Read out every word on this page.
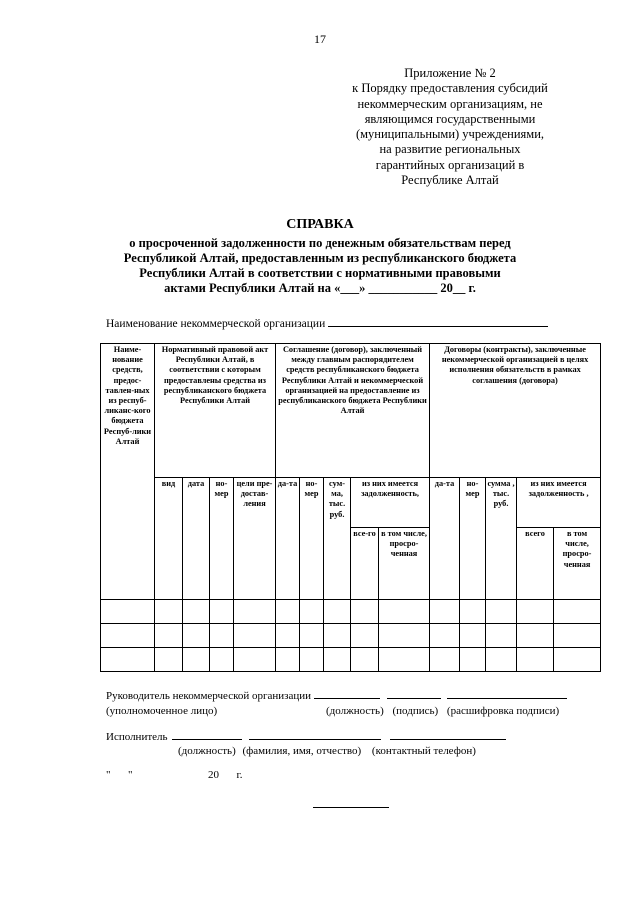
17
Приложение № 2
к Порядку предоставления субсидий
некоммерческим организациям, не
являющимся государственными
(муниципальными) учреждениями,
на развитие региональных
гарантийных организаций в
Республике Алтай
СПРАВКА
о просроченной задолженности по денежным обязательствам перед
Республикой Алтай, предоставленным из республиканского бюджета
Республики Алтай в соответствии с нормативными правовыми
актами Республики Алтай на «___» ___________ 20__ г.
Наименование некоммерческой организации
Наиме-нование средств, предос-тавлен-ных из респуб-ликанс-кого бюджета Респуб-лики Алтай	Нормативный правовой акт Республики Алтай, в соответствии с которым предоставлены средства из республиканского бюджета Республики Алтай				Соглашение (договор), заключенный между главным распорядителем средств республиканского бюджета Республики Алтай и некоммерческой организацией на предоставление из республиканского бюджета Республики Алтай					Договоры (контракты), заключенные некоммерческой организацией в целях исполнения обязательств в рамках соглашения (договора)				
	вид	дата	но-мер	цели пре-достав-ления	да-та	но-мер	сум-ма, тыс. руб.	из них имеется задолженность,		да-та	но-мер	сумма , тыс. руб.	из них имеется задолженность ,	
								все-го	в том числе, просро-ченная				всего	в том числе, просро-ченная

Руководитель некоммерческой организации
(уполномоченное лицо)	(должность) (подпись) (расшифровка подписи)
Исполнитель
(должность) (фамилия, имя, отчество) (контактный телефон)
" "	20 г.
